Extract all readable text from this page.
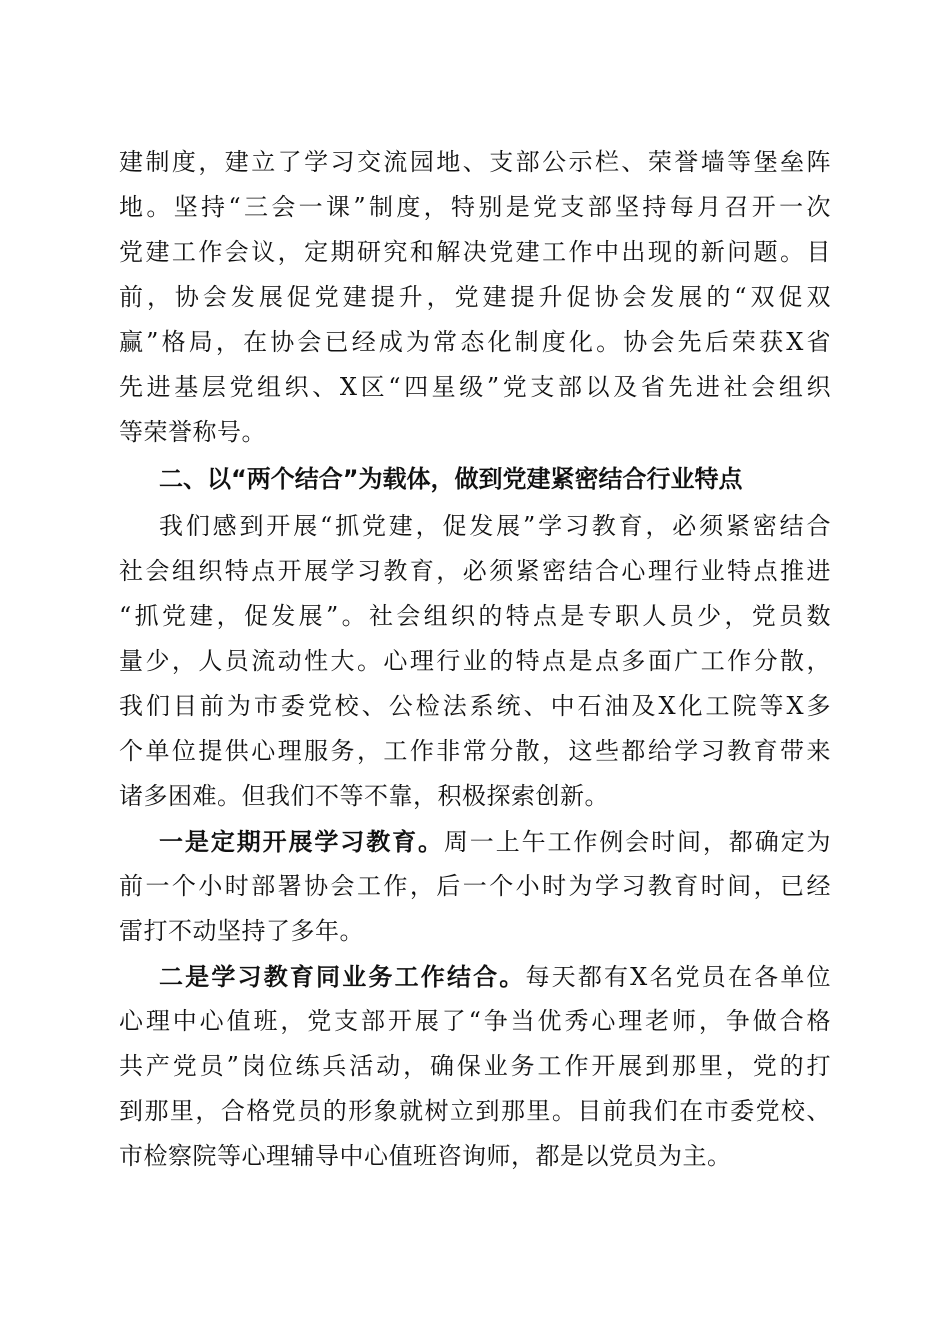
建制度，建立了学习交流园地、支部公示栏、荣誉墙等堡垒阵
地。坚持“三会一课”制度，特别是党支部坚持每月召开一次
党建工作会议，定期研究和解决党建工作中出现的新问题。目
前，协会发展促党建提升，党建提升促协会发展的“双促双
赢”格局，在协会已经成为常态化制度化。协会先后荣获X省
先进基层党组织、X区“四星级”党支部以及省先进社会组织
等荣誉称号。
二、以“两个结合”为载体，做到党建紧密结合行业特点
我们感到开展“抓党建，促发展”学习教育，必须紧密结合
社会组织特点开展学习教育，必须紧密结合心理行业特点推进
“抓党建，促发展”。社会组织的特点是专职人员少，党员数
量少，人员流动性大。心理行业的特点是点多面广工作分散，
我们目前为市委党校、公检法系统、中石油及X化工院等X多
个单位提供心理服务，工作非常分散，这些都给学习教育带来
诸多困难。但我们不等不靠，积极探索创新。
一是定期开展学习教育。周一上午工作例会时间，都确定为
前一个小时部署协会工作，后一个小时为学习教育时间，已经
雷打不动坚持了多年。
二是学习教育同业务工作结合。每天都有X名党员在各单位
心理中心值班，党支部开展了“争当优秀心理老师，争做合格
共产党员”岗位练兵活动，确保业务工作开展到那里，党的打
到那里，合格党员的形象就树立到那里。目前我们在市委党校、
市检察院等心理辅导中心值班咨询师，都是以党员为主。
